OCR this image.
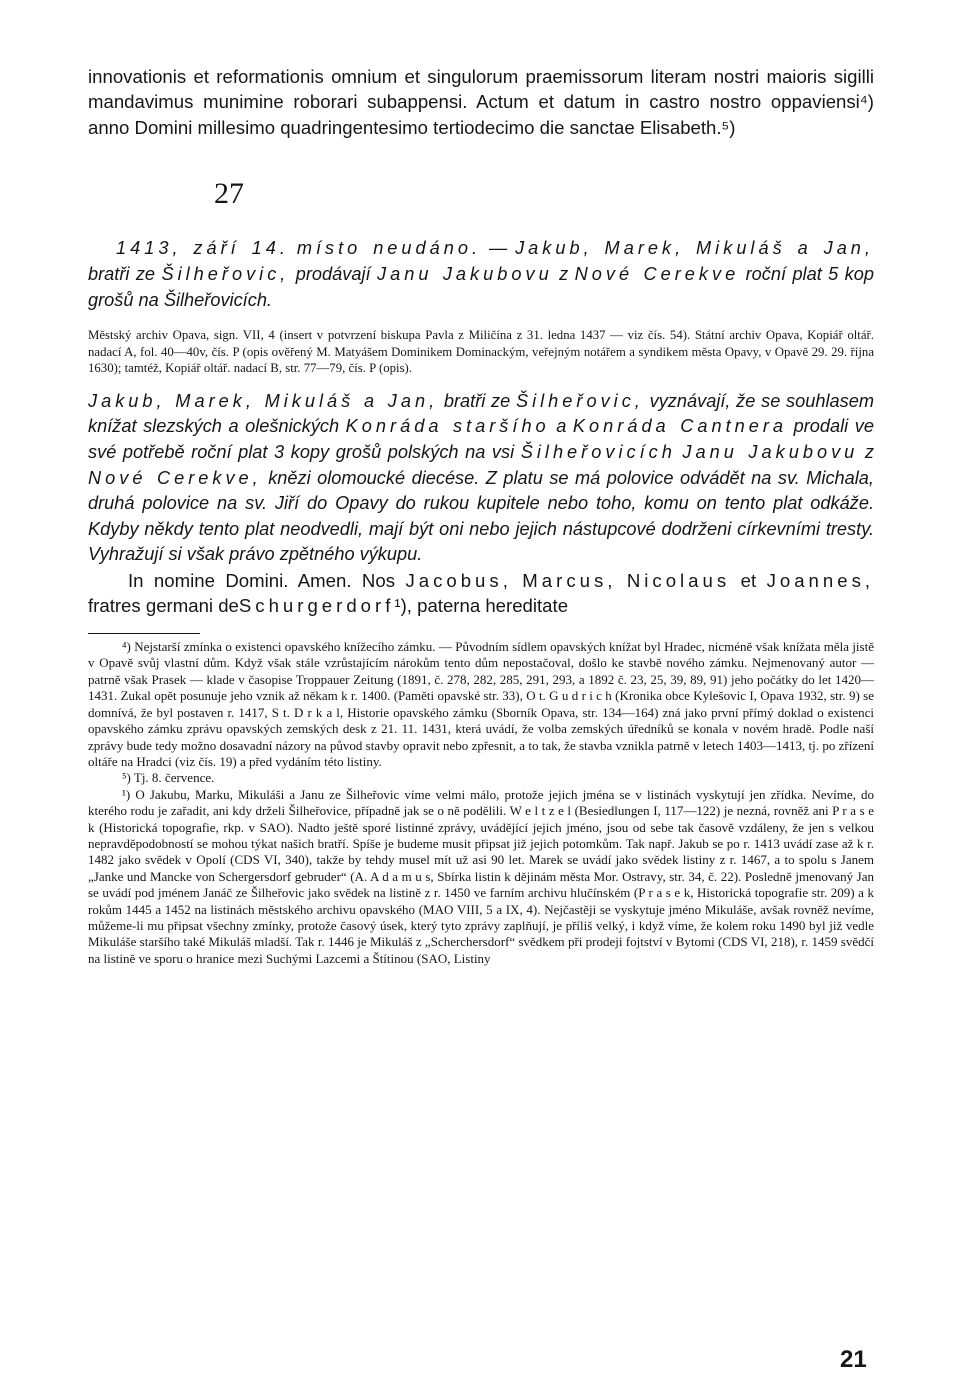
innovationis et reformationis omnium et singulorum praemissorum literam nostri maioris sigilli mandavimus munimine roborari subappensi. Actum et datum in castro nostro oppaviensi⁴) anno Domini millesimo quadringentesimo tertiodecimo die sanctae Elisabeth.⁵)

27

1413, září 14. místo neudáno. — Jakub, Marek, Mikuláš a Jan, bratři ze Šilheřovic, prodávají Janu Jakubovu z Nové Cerekve roční plat 5 kop grošů na Šilheřovicích.

Městský archiv Opava, sign. VII, 4 (insert v potvrzení biskupa Pavla z Miličína z 31. ledna 1437 — viz čís. 54). Státní archiv Opava, Kopiář oltář. nadací A, fol. 40—40v, čís. P (opis ověřený M. Matyášem Dominikem Dominackým, veřejným notářem a syndikem města Opavy, v Opavě 29. 29. října 1630); tamtéž, Kopiář oltář. nadací B, str. 77—79, čís. P (opis).

Jakub, Marek, Mikuláš a Jan, bratři ze Šilheřovic, vyznávají, že se souhlasem knížat slezských a olešnických Konráda staršího a Konráda Cantnera prodali ve své potřebě roční plat 3 kopy grošů polských na vsi Šilheřovicích Janu Jakubovu z Nové Cerekve, knězi olomoucké diecése. Z platu se má polovice odvádět na sv. Michala, druhá polovice na sv. Jiří do Opavy do rukou kupitele nebo toho, komu on tento plat odkáže. Kdyby někdy tento plat neodvedli, mají být oni nebo jejich nástupcové dodrženi církevními tresty. Vyhražují si však právo zpětného výkupu.

In nomine Domini. Amen. Nos Jacobus, Marcus, Nicolaus et Joannes, fratres germani deSchurgerdorf¹), paterna hereditate

⁴) Nejstarší zmínka o existenci opavského knížecího zámku. — Původním sídlem opavských knížat byl Hradec, nicméně však knížata měla jistě v Opavě svůj vlastní dům. Když však stále vzrůstajícím nárokům tento dům nepostačoval, došlo ke stavbě nového zámku. Nejmenovaný autor — patrně však Prasek — klade v časopise Troppauer Zeitung (1891, č. 278, 282, 285, 291, 293, a 1892 č. 23, 25, 39, 89, 91) jeho počátky do let 1420—1431. Zukal opět posunuje jeho vznik až někam k r. 1400. (Paměti opavské str. 33), O t. G u d r i c h (Kronika obce Kylešovic I, Opava 1932, str. 9) se domnívá, že byl postaven r. 1417, S t. D r k a l, Historie opavského zámku (Sborník Opava, str. 134—164) zná jako první přímý doklad o existenci opavského zámku zprávu opavských zemských desk z 21. 11. 1431, která uvádí, že volba zemských úředníků se konala v novém hradě. Podle naší zprávy bude tedy možno dosavadní názory na původ stavby opravit nebo zpřesnit, a to tak, že stavba vznikla patrně v letech 1403—1413, tj. po zřízení oltáře na Hradci (viz čís. 19) a před vydáním této listiny.

⁵) Tj. 8. července.

¹) O Jakubu, Marku, Mikuláši a Janu ze Šilheřovic víme velmi málo, protože jejich jména se v listinách vyskytují jen zřídka. Nevíme, do kterého rodu je zařadit, ani kdy drželi Šilheřovice, případně jak se o ně podělili. W e l t z e l (Besiedlungen I, 117—122) je nezná, rovněž ani P r a s e k (Historická topografie, rkp. v SAO). Nadto ještě sporé listinné zprávy, uvádějící jejich jméno, jsou od sebe tak časově vzdáleny, že jen s velkou nepravděpodobností se mohou týkat našich bratří. Spíše je budeme musit připsat již jejich potomkům. Tak např. Jakub se po r. 1413 uvádí zase až k r. 1482 jako svědek v Opolí (CDS VI, 340), takže by tehdy musel mít už asi 90 let. Marek se uvádí jako svědek listiny z r. 1467, a to spolu s Janem „Janke und Mancke von Schergersdorf gebruder“ (A. A d a m u s, Sbírka listin k dějinám města Mor. Ostravy, str. 34, č. 22). Posledně jmenovaný Jan se uvádí pod jménem Janáč ze Šilheřovic jako svědek na listině z r. 1450 ve farním archivu hlučínském (P r a s e k, Historická topografie str. 209) a k rokům 1445 a 1452 na listinách městského archivu opavského (MAO VIII, 5 a IX, 4). Nejčastěji se vyskytuje jméno Mikuláše, avšak rovněž nevíme, můžeme-li mu připsat všechny zmínky, protože časový úsek, který tyto zprávy zaplňují, je příliš velký, i když víme, že kolem roku 1490 byl již vedle Mikuláše staršího také Mikuláš mladší. Tak r. 1446 je Mikuláš z „Scherchersdorf“ svědkem při prodeji fojtství v Bytomi (CDS VI, 218), r. 1459 svědčí na listině ve sporu o hranice mezi Suchými Lazcemi a Štítinou (SAO, Listiny

21
